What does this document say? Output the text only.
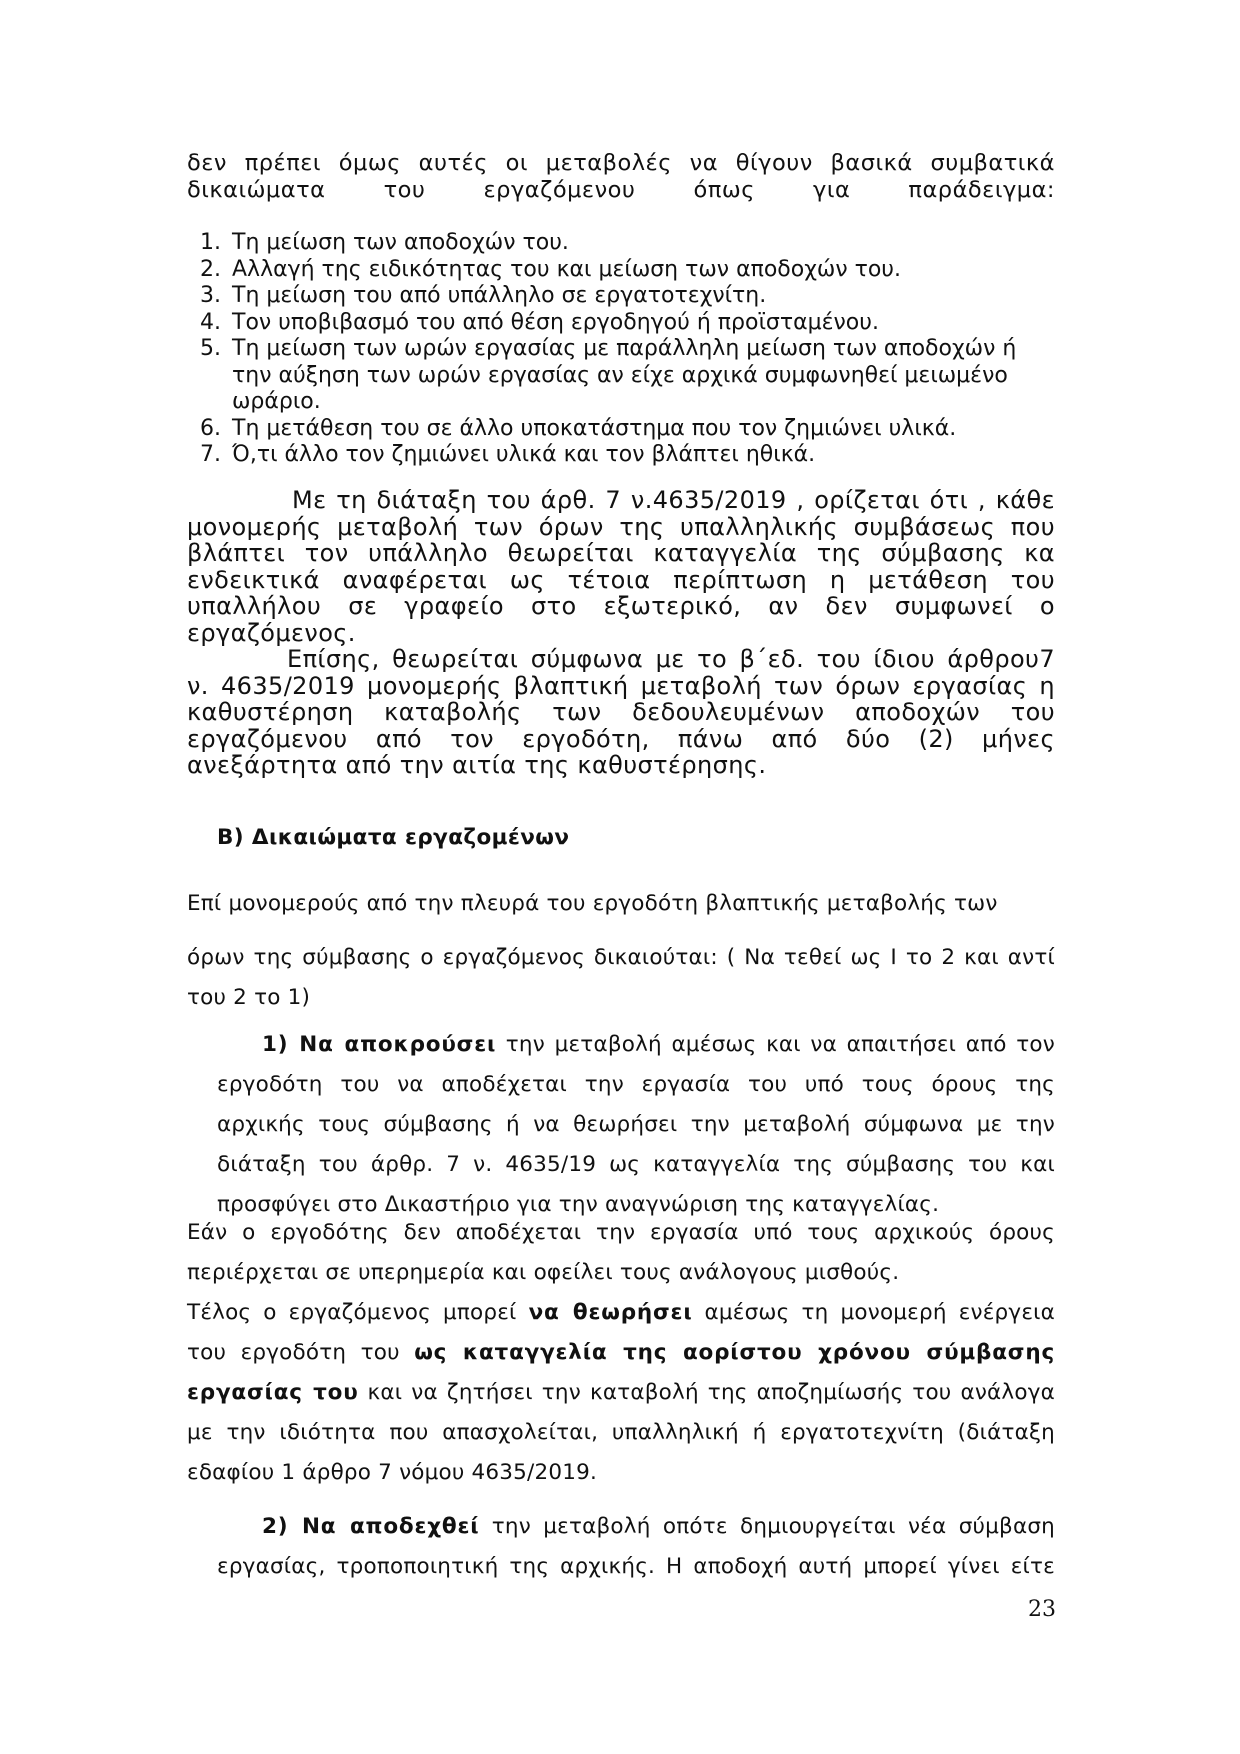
δεν πρέπει όμως αυτές οι μεταβολές να θίγουν βασικά συμβατικά
δικαιώματα του εργαζόμενου όπως για παράδειγμα:
1. Τη μείωση των αποδοχών του.
2. Αλλαγή της ειδικότητας του και μείωση των αποδοχών του.
3. Τη μείωση του από υπάλληλο σε εργατοτεχνίτη.
4. Τον υποβιβασμό του από θέση εργοδηγού ή προϊσταμένου.
5. Τη μείωση των ωρών εργασίας με παράλληλη μείωση των αποδοχών ή
την αύξηση των ωρών εργασίας αν είχε αρχικά συμφωνηθεί μειωμένο
ωράριο.
6. Τη μετάθεση του σε άλλο υποκατάστημα που τον ζημιώνει υλικά.
7. Ό,τι άλλο τον ζημιώνει υλικά και τον βλάπτει ηθικά.
Με τη διάταξη του άρθ. 7 ν.4635/2019 , ορίζεται ότι , κάθε
μονομερής μεταβολή των όρων της υπαλληλικής συμβάσεως που
βλάπτει τον υπάλληλο θεωρείται καταγγελία της σύμβασης κα
ενδεικτικά αναφέρεται ως τέτοια περίπτωση η μετάθεση του
υπαλλήλου σε γραφείο στο εξωτερικό, αν δεν συμφωνεί ο
εργαζόμενος.
Επίσης, θεωρείται σύμφωνα με το β΄εδ. του ίδιου άρθρου7
ν. 4635/2019 μονομερής βλαπτική μεταβολή των όρων εργασίας η
καθυστέρηση καταβολής των δεδουλευμένων αποδοχών του
εργαζόμενου από τον εργοδότη, πάνω από δύο (2) μήνες
ανεξάρτητα από την αιτία της καθυστέρησης.
Β) Δικαιώματα εργαζομένων
Επί μονομερούς από την πλευρά του εργοδότη βλαπτικής μεταβολής των
όρων της σύμβασης ο εργαζόμενος δικαιούται: ( Να τεθεί ως Ι το 2 και αντί
του 2 το 1)
1) Να αποκρούσει την μεταβολή αμέσως και να απαιτήσει από τον
εργοδότη του να αποδέχεται την εργασία του υπό τους όρους της
αρχικής τους σύμβασης ή να θεωρήσει την μεταβολή σύμφωνα με την
διάταξη του άρθρ. 7 ν. 4635/19 ως καταγγελία της σύμβασης του και
προσφύγει στο Δικαστήριο για την αναγνώριση της καταγγελίας.
Εάν ο εργοδότης δεν αποδέχεται την εργασία υπό τους αρχικούς όρους
περιέρχεται σε υπερημερία και οφείλει τους ανάλογους μισθούς.
Τέλος ο εργαζόμενος μπορεί να θεωρήσει αμέσως τη μονομερή ενέργεια
του εργοδότη του ως καταγγελία της αορίστου χρόνου σύμβασης
εργασίας του και να ζητήσει την καταβολή της αποζημίωσής του ανάλογα
με την ιδιότητα που απασχολείται, υπαλληλική ή εργατοτεχνίτη (διάταξη
εδαφίου 1 άρθρο 7 νόμου 4635/2019.
2) Να αποδεχθεί την μεταβολή οπότε δημιουργείται νέα σύμβαση
εργασίας, τροποποιητική της αρχικής. Η αποδοχή αυτή μπορεί γίνει είτε
23
